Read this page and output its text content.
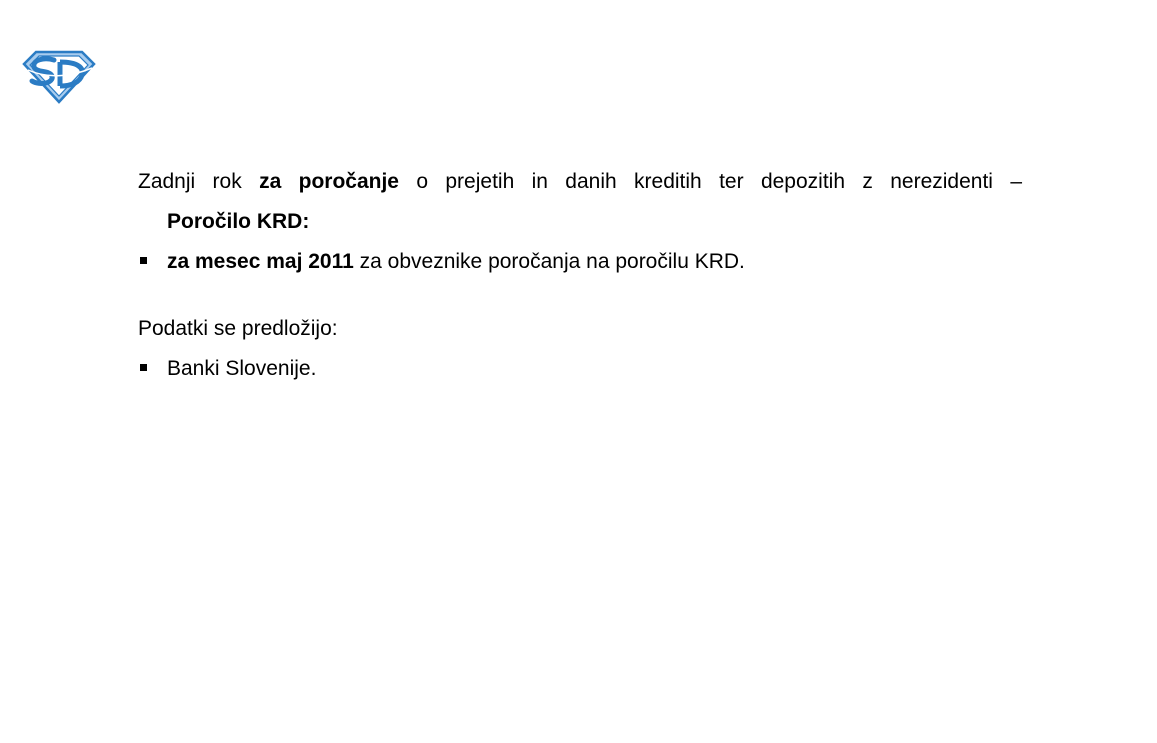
Zadnji rok za poročanje o prejetih in danih kreditih ter depozitih z nerezidenti –

Poročilo KRD:

za mesec maj 2011 za obveznike poročanja na poročilu KRD.

Podatki se predložijo:

Banki Slovenije.
